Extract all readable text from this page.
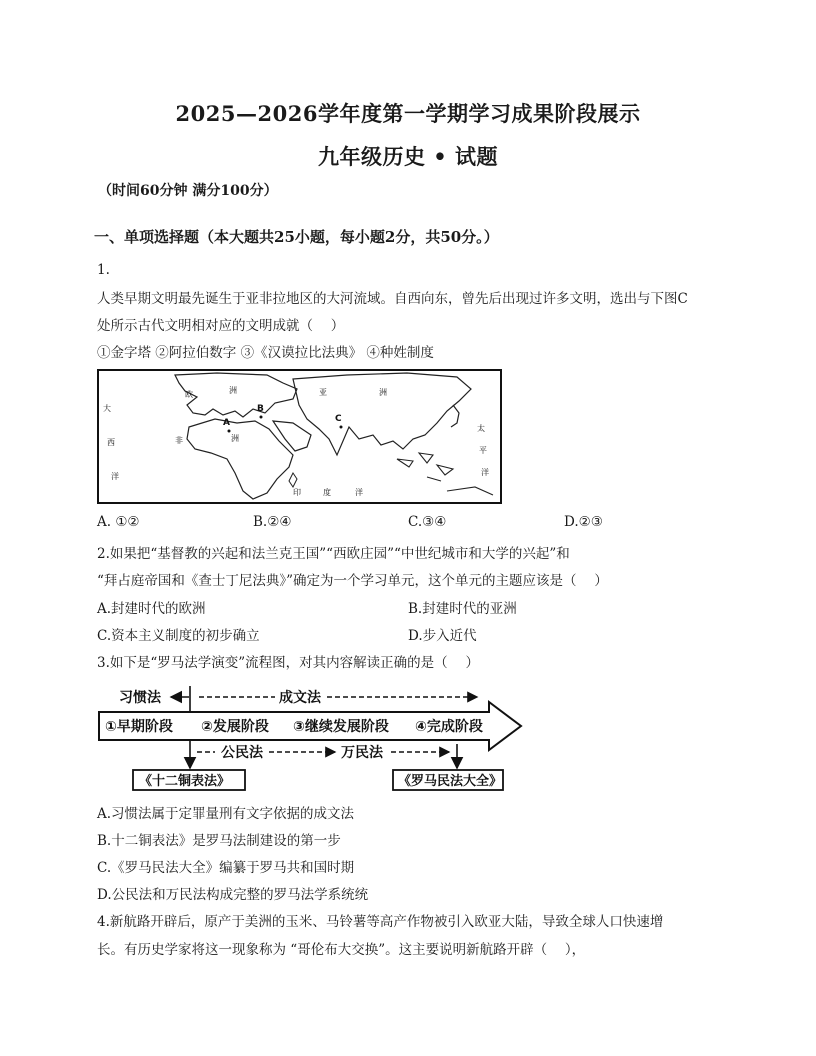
2025—2026学年度第一学期学习成果阶段展示
九年级历史 • 试题
（时间60分钟 满分100分）
一、单项选择题（本大题共25小题，每小题2分，共50分。）
1.
人类早期文明最先诞生于亚非拉地区的大河流域。自西向东，曾先后出现过许多文明，选出与下图C
处所示古代文明相对应的文明成就（　 ）
①金字塔 ②阿拉伯数字 ③《汉谟拉比法典》 ④种姓制度
大
西
洋
欧	洲	亚	洲
非	洲
印	度	洋
太
平
洋
A
B
C
A. ①②	B.②④	C.③④	D.②③
2.如果把“基督教的兴起和法兰克王国”“西欧庄园”“中世纪城市和大学的兴起”和
“拜占庭帝国和《查士丁尼法典》”确定为一个学习单元，这个单元的主题应该是（　 ）
A.封建时代的欧洲	B.封建时代的亚洲
C.资本主义制度的初步确立	D.步入近代
3.如下是“罗马法学演变”流程图，对其内容解读正确的是（　 ）
习惯法	成文法
①早期阶段 ②发展阶段 ③继续发展阶段 ④完成阶段
公民法	万民法
《十二铜表法》	《罗马民法大全》
A.习惯法属于定罪量刑有文字依据的成文法
B.十二铜表法》是罗马法制建设的第一步
C.《罗马民法大全》编纂于罗马共和国时期
D.公民法和万民法构成完整的罗马法学系统统
4.新航路开辟后，原产于美洲的玉米、马铃薯等高产作物被引入欧亚大陆，导致全球人口快速增
长。有历史学家将这一现象称为 “哥伦布大交换”。这主要说明新航路开辟（　 ），
